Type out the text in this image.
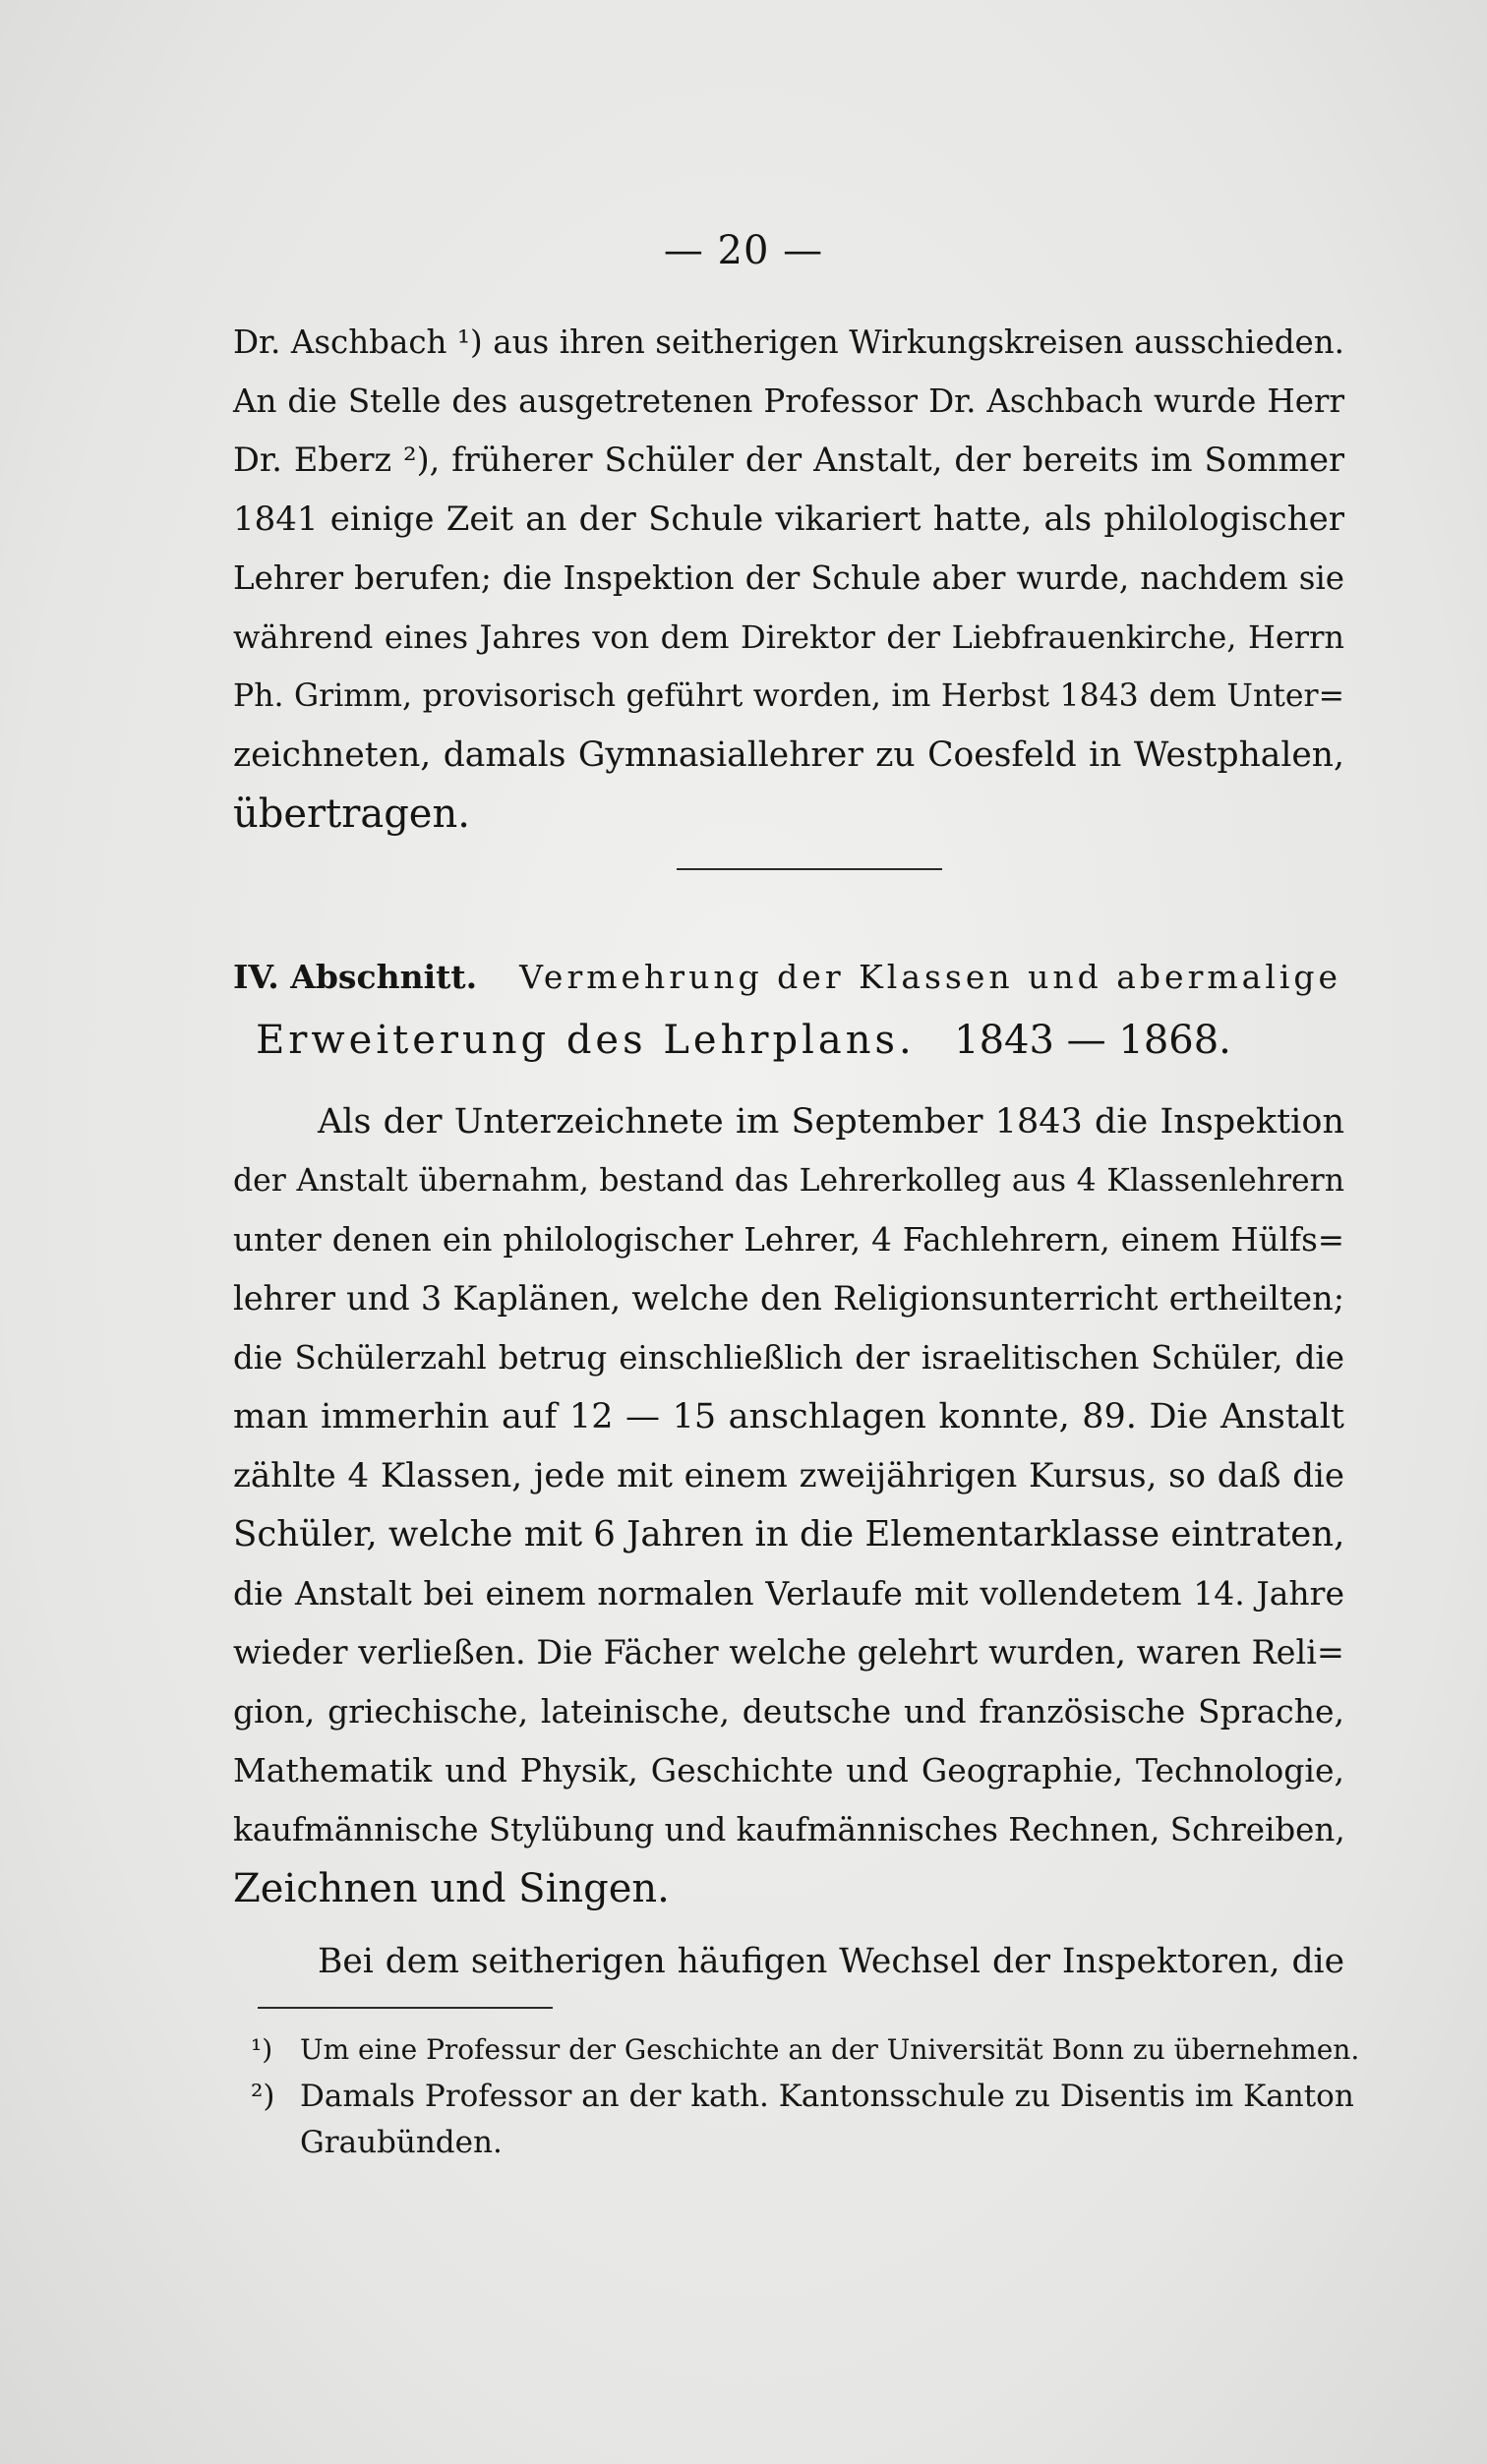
— 20 —
Dr. Aschbach ¹) aus ihren seitherigen Wirkungskreisen ausschieden.
An die Stelle des ausgetretenen Professor Dr. Aschbach wurde Herr
Dr. Eberz ²), früherer Schüler der Anstalt, der bereits im Sommer
1841 einige Zeit an der Schule vikariert hatte, als philologischer
Lehrer berufen; die Inspektion der Schule aber wurde, nachdem sie
während eines Jahres von dem Direktor der Liebfrauenkirche, Herrn
Ph. Grimm, provisorisch geführt worden, im Herbst 1843 dem Unter=
zeichneten, damals Gymnasiallehrer zu Coesfeld in Westphalen,
übertragen.
IV. Abschnitt. Vermehrung der Klassen und abermalige
Erweiterung des Lehrplans. 1843 — 1868.
Als der Unterzeichnete im September 1843 die Inspektion
der Anstalt übernahm, bestand das Lehrerkolleg aus 4 Klassenlehrern
unter denen ein philologischer Lehrer, 4 Fachlehrern, einem Hülfs=
lehrer und 3 Kaplänen, welche den Religionsunterricht ertheilten;
die Schülerzahl betrug einschließlich der israelitischen Schüler, die
man immerhin auf 12 — 15 anschlagen konnte, 89. Die Anstalt
zählte 4 Klassen, jede mit einem zweijährigen Kursus, so daß die
Schüler, welche mit 6 Jahren in die Elementarklasse eintraten,
die Anstalt bei einem normalen Verlaufe mit vollendetem 14. Jahre
wieder verließen. Die Fächer welche gelehrt wurden, waren Reli=
gion, griechische, lateinische, deutsche und französische Sprache,
Mathematik und Physik, Geschichte und Geographie, Technologie,
kaufmännische Stylübung und kaufmännisches Rechnen, Schreiben,
Zeichnen und Singen.
Bei dem seitherigen häufigen Wechsel der Inspektoren, die
¹) Um eine Professur der Geschichte an der Universität Bonn zu übernehmen.
²) Damals Professor an der kath. Kantonsschule zu Disentis im Kanton
Graubünden.
